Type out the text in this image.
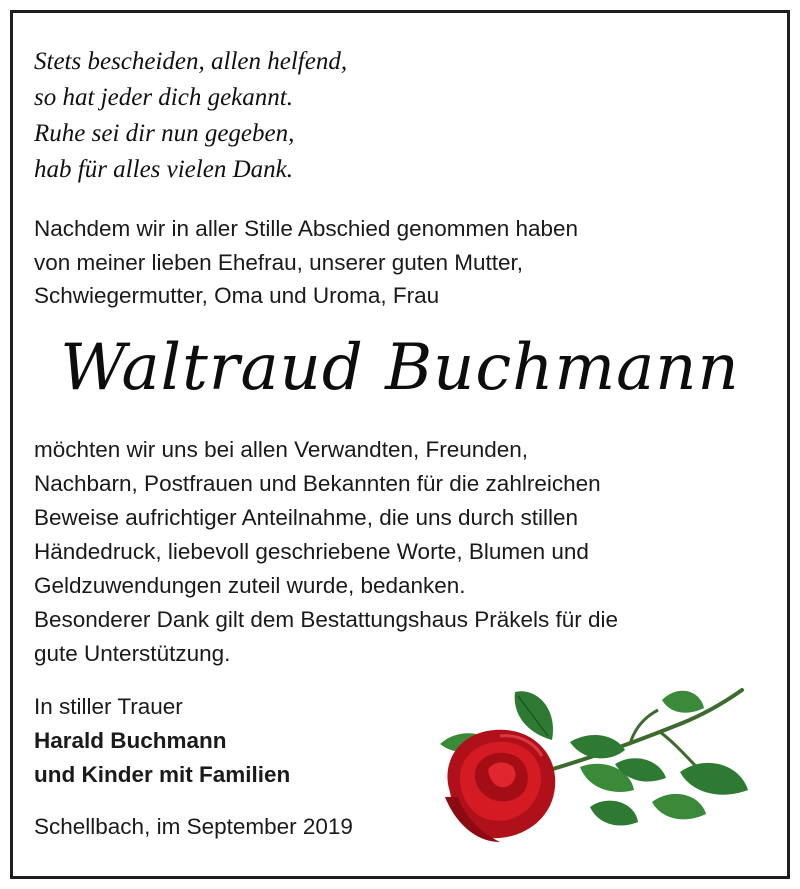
Stets bescheiden, allen helfend,
so hat jeder dich gekannt.
Ruhe sei dir nun gegeben,
hab für alles vielen Dank.
Nachdem wir in aller Stille Abschied genommen haben
von meiner lieben Ehefrau, unserer guten Mutter,
Schwiegermutter, Oma und Uroma, Frau
Waltraud Buchmann
möchten wir uns bei allen Verwandten, Freunden,
Nachbarn, Postfrauen und Bekannten für die zahlreichen
Beweise aufrichtiger Anteilnahme, die uns durch stillen
Händedruck, liebevoll geschriebene Worte, Blumen und
Geldzuwendungen zuteil wurde, bedanken.
Besonderer Dank gilt dem Bestattungshaus Präkels für die
gute Unterstützung.
In stiller Trauer
Harald Buchmann
und Kinder mit Familien
Schellbach, im September 2019
